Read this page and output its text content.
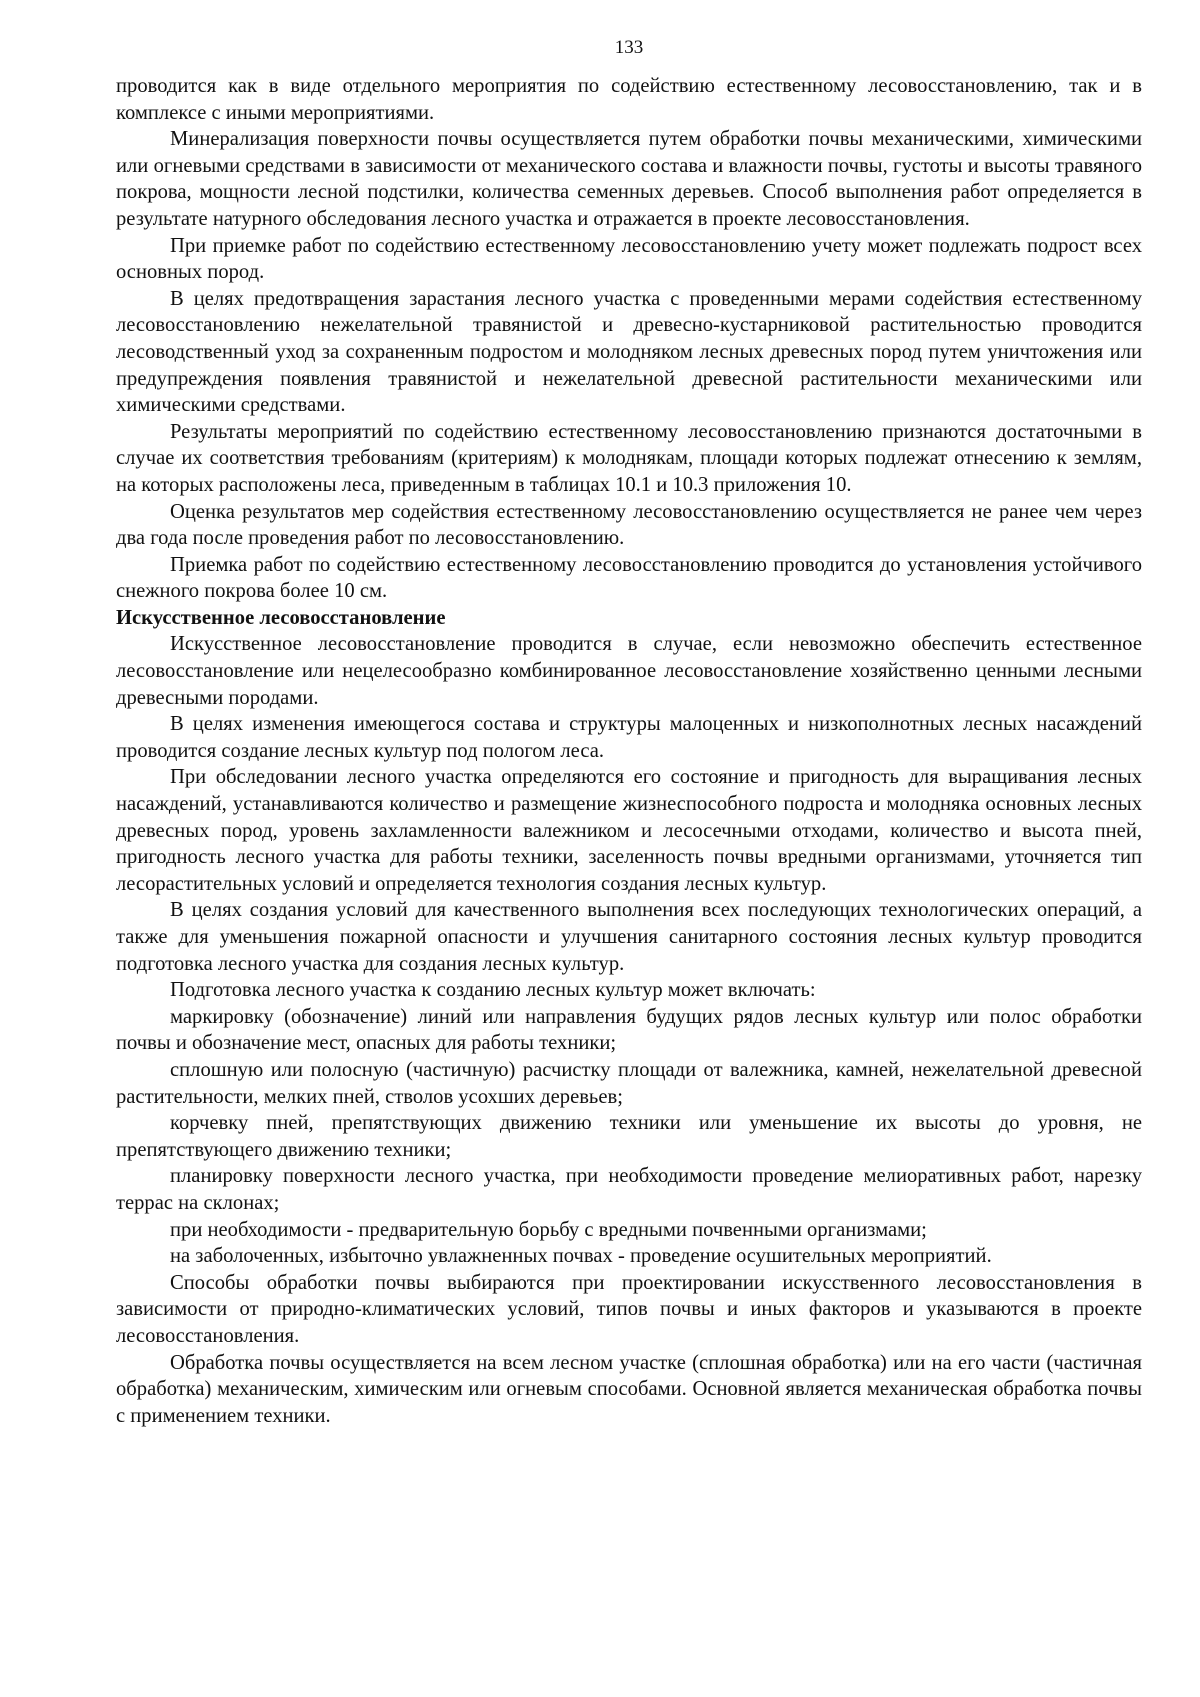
133

проводится как в виде отдельного мероприятия по содействию естественному лесовосстановлению, так и в комплексе с иными мероприятиями.

Минерализация поверхности почвы осуществляется путем обработки почвы механическими, химическими или огневыми средствами в зависимости от механического состава и влажности почвы, густоты и высоты травяного покрова, мощности лесной подстилки, количества семенных деревьев. Способ выполнения работ определяется в результате натурного обследования лесного участка и отражается в проекте лесовосстановления.

При приемке работ по содействию естественному лесовосстановлению учету может подлежать подрост всех основных пород.

В целях предотвращения зарастания лесного участка с проведенными мерами содействия естественному лесовосстановлению нежелательной травянистой и древесно-кустарниковой растительностью проводится лесоводственный уход за сохраненным подростом и молодняком лесных древесных пород путем уничтожения или предупреждения появления травянистой и нежелательной древесной растительности механическими или химическими средствами.

Результаты мероприятий по содействию естественному лесовосстановлению признаются достаточными в случае их соответствия требованиям (критериям) к молоднякам, площади которых подлежат отнесению к землям, на которых расположены леса, приведенным в таблицах 10.1 и 10.3 приложения 10.

Оценка результатов мер содействия естественному лесовосстановлению осуществляется не ранее чем через два года после проведения работ по лесовосстановлению.

Приемка работ по содействию естественному лесовосстановлению проводится до установления устойчивого снежного покрова более 10 см.

Искусственное лесовосстановление

Искусственное лесовосстановление проводится в случае, если невозможно обеспечить естественное лесовосстановление или нецелесообразно комбинированное лесовосстановление хозяйственно ценными лесными древесными породами.

В целях изменения имеющегося состава и структуры малоценных и низкополнотных лесных насаждений проводится создание лесных культур под пологом леса.

При обследовании лесного участка определяются его состояние и пригодность для выращивания лесных насаждений, устанавливаются количество и размещение жизнеспособного подроста и молодняка основных лесных древесных пород, уровень захламленности валежником и лесосечными отходами, количество и высота пней, пригодность лесного участка для работы техники, заселенность почвы вредными организмами, уточняется тип лесорастительных условий и определяется технология создания лесных культур.

В целях создания условий для качественного выполнения всех последующих технологических операций, а также для уменьшения пожарной опасности и улучшения санитарного состояния лесных культур проводится подготовка лесного участка для создания лесных культур.

Подготовка лесного участка к созданию лесных культур может включать:

маркировку (обозначение) линий или направления будущих рядов лесных культур или полос обработки почвы и обозначение мест, опасных для работы техники;

сплошную или полосную (частичную) расчистку площади от валежника, камней, нежелательной древесной растительности, мелких пней, стволов усохших деревьев;

корчевку пней, препятствующих движению техники или уменьшение их высоты до уровня, не препятствующего движению техники;

планировку поверхности лесного участка, при необходимости проведение мелиоративных работ, нарезку террас на склонах;

при необходимости - предварительную борьбу с вредными почвенными организмами;

на заболоченных, избыточно увлажненных почвах - проведение осушительных мероприятий.

Способы обработки почвы выбираются при проектировании искусственного лесовосстановления в зависимости от природно-климатических условий, типов почвы и иных факторов и указываются в проекте лесовосстановления.

Обработка почвы осуществляется на всем лесном участке (сплошная обработка) или на его части (частичная обработка) механическим, химическим или огневым способами. Основной является механическая обработка почвы с применением техники.
